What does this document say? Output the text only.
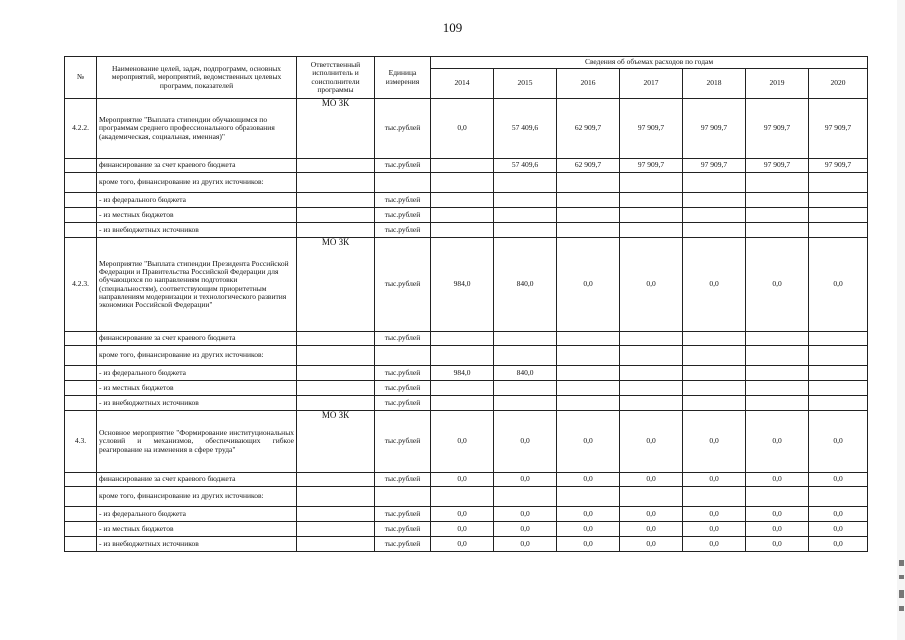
109
№	Наименование целей, задач, подпрограмм, основных мероприятий, мероприятий, ведомственных целевых программ, показателей	Ответственный исполнитель и соисполнители программы	Единица измерения	Сведения об объемах расходов по годам						
				2014	2015	2016	2017	2018	2019	2020
4.2.2.	Мероприятие "Выплата стипендии обучающимся по программам среднего профессионального образования (академическая, социальная, именная)"	МО ЗК	тыс.рублей	0,0	57 409,6	62 909,7	97 909,7	97 909,7	97 909,7	97 909,7
	финансирование за счет краевого бюджета		тыс.рублей		57 409,6	62 909,7	97 909,7	97 909,7	97 909,7	97 909,7
	кроме того, финансирование из других источников:									
	- из федерального бюджета		тыс.рублей							
	- из местных бюджетов		тыс.рублей							
	- из внебюджетных источников		тыс.рублей							
4.2.3.	Мероприятие "Выплата стипендии Президента Российской Федерации и Правительства Российской Федерации для обучающихся по направлениям подготовки (специальностям), соответствующим приоритетным направлениям модернизации и технологического развития экономики Российской Федерации"	МО ЗК	тыс.рублей	984,0	840,0	0,0	0,0	0,0	0,0	0,0
	финансирование за счет краевого бюджета		тыс.рублей							
	кроме того, финансирование из других источников:									
	- из федерального бюджета		тыс.рублей	984,0	840,0					
	- из местных бюджетов		тыс.рублей							
	- из внебюджетных источников		тыс.рублей							
4.3.	Основное мероприятие "Формирование институциональных условий и механизмов, обеспечивающих гибкое реагирование на изменения в сфере труда"	МО ЗК	тыс.рублей	0,0	0,0	0,0	0,0	0,0	0,0	0,0
	финансирование за счет краевого бюджета		тыс.рублей	0,0	0,0	0,0	0,0	0,0	0,0	0,0
	кроме того, финансирование из других источников:									
	- из федерального бюджета		тыс.рублей	0,0	0,0	0,0	0,0	0,0	0,0	0,0
	- из местных бюджетов		тыс.рублей	0,0	0,0	0,0	0,0	0,0	0,0	0,0
	- из внебюджетных источников		тыс.рублей	0,0	0,0	0,0	0,0	0,0	0,0	0,0
